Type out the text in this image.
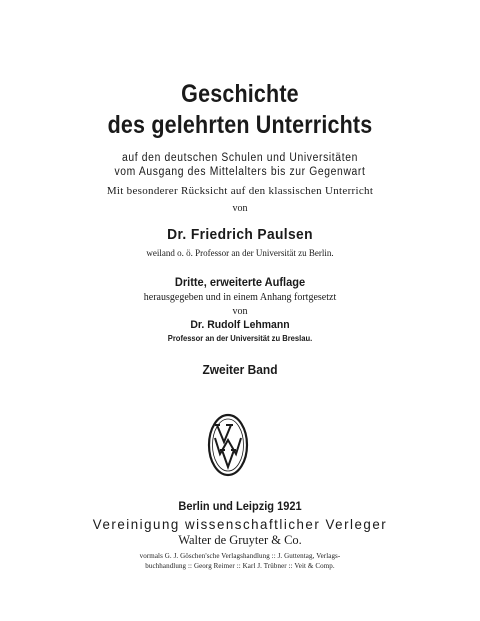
Geschichte
des gelehrten Unterrichts
auf den deutschen Schulen und Universitäten
vom Ausgang des Mittelalters bis zur Gegenwart
Mit besonderer Rücksicht auf den klassischen Unterricht
von
Dr. Friedrich Paulsen
weiland o. ö. Professor an der Universität zu Berlin.
Dritte, erweiterte Auflage
herausgegeben und in einem Anhang fortgesetzt
von
Dr. Rudolf Lehmann
Professor an der Universität zu Breslau.
Zweiter Band
Berlin und Leipzig 1921
Vereinigung wissenschaftlicher Verleger
Walter de Gruyter & Co.
vormals G. J. Göschen'sche Verlagshandlung :: J. Guttentag, Verlags-
buchhandlung :: Georg Reimer :: Karl J. Trübner :: Veit & Comp.
